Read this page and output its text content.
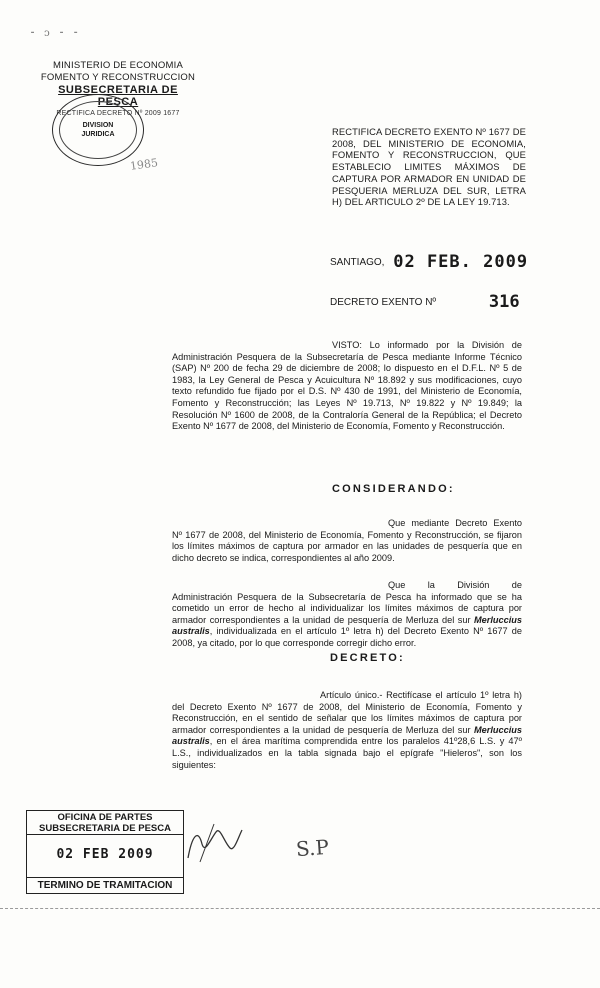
⁃ ᴐ ⁃ ⁃
MINISTERIO DE ECONOMIA
FOMENTO Y RECONSTRUCCION
SUBSECRETARIA DE PESCA
RECTIFICA DECRETO Nº 2009 1677
DIVISION
JURIDICA
1985
RECTIFICA DECRETO EXENTO Nº 1677 DE 2008, DEL MINISTERIO DE ECONOMIA, FOMENTO Y RECONSTRUCCION, QUE ESTABLECIO LIMITES MÁXIMOS DE CAPTURA POR ARMADOR EN UNIDAD DE PESQUERIA MERLUZA DEL SUR, LETRA H) DEL ARTICULO 2º DE LA LEY 19.713.
SANTIAGO, 02 FEB. 2009
DECRETO EXENTO Nº	316
VISTO: Lo informado por la División de Administración Pesquera de la Subsecretaría de Pesca mediante Informe Técnico (SAP) Nº 200 de fecha 29 de diciembre de 2008; lo dispuesto en el D.F.L. Nº 5 de 1983, la Ley General de Pesca y Acuicultura Nº 18.892 y sus modificaciones, cuyo texto refundido fue fijado por el D.S. Nº 430 de 1991, del Ministerio de Economía, Fomento y Reconstrucción; las Leyes Nº 19.713, Nº 19.822 y Nº 19.849; la Resolución Nº 1600 de 2008, de la Contraloría General de la República; el Decreto Exento Nº 1677 de 2008, del Ministerio de Economía, Fomento y Reconstrucción.
CONSIDERANDO:
Que mediante Decreto Exento Nº 1677 de 2008, del Ministerio de Economía, Fomento y Reconstrucción, se fijaron los límites máximos de captura por armador en las unidades de pesquería que en dicho decreto se indica, correspondientes al año 2009.
Que la División de Administración Pesquera de la Subsecretaría de Pesca ha informado que se ha cometido un error de hecho al individualizar los límites máximos de captura por armador correspondientes a la unidad de pesquería de Merluza del sur Merluccius australis, individualizada en el artículo 1º letra h) del Decreto Exento Nº 1677 de 2008, ya citado, por lo que corresponde corregir dicho error.
DECRETO:
Artículo único.- Rectifícase el artículo 1º letra h) del Decreto Exento Nº 1677 de 2008, del Ministerio de Economía, Fomento y Reconstrucción, en el sentido de señalar que los límites máximos de captura por armador correspondientes a la unidad de pesquería de Merluza del sur Merluccius australis, en el área marítima comprendida entre los paralelos 41º28,6 L.S. y 47º L.S., individualizados en la tabla signada bajo el epígrafe "Hieleros", son los siguientes:
OFICINA DE PARTES
SUBSECRETARIA DE PESCA
02 FEB 2009
TERMINO DE TRAMITACION
S.P
